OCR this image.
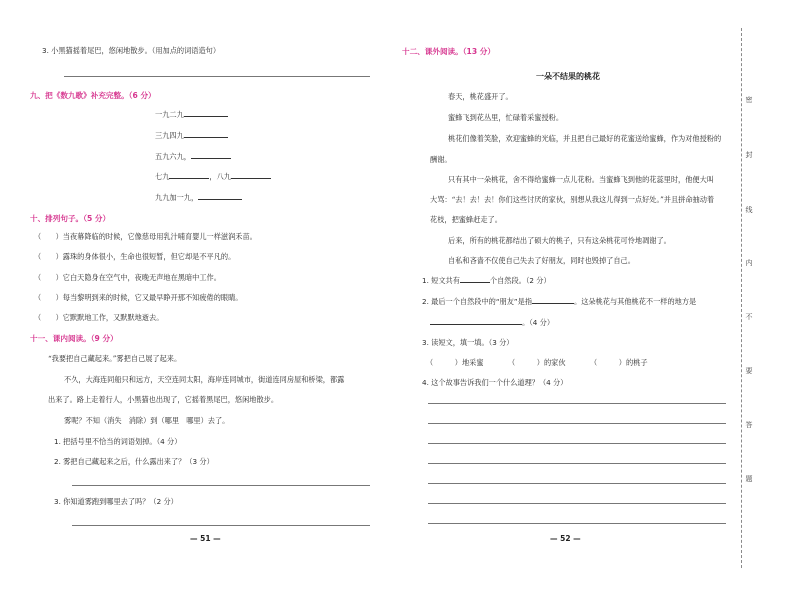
3. 小黑猫摇着尾巴，悠闲地散步。（用加点的词语造句）
九、把《数九歌》补充完整。（6 分）
一九二九
三九四九
五九六九，
七九	，八九
九九加一九，
十、排列句子。（5 分）
（　　）当夜幕降临的时候，它像慈母用乳汁哺育婴儿一样滋润禾苗。
（　　）露珠的身体很小，生命也很短暂，但它却是不平凡的。
（　　）它白天隐身在空气中，夜晚无声地在黑暗中工作。
（　　）每当黎明到来的时候，它又最早睁开那不知疲倦的眼睛。
（　　）它默默地工作，又默默地逝去。
十一、课内阅读。（9 分）
“我要把自己藏起来。”雾把自己展了起来。
不久，大海连同船只和远方，天空连同太阳，海岸连同城市，街道连同房屋和桥梁，都露
出来了。路上走着行人，小黑猫也出现了，它摇着黑尾巴，悠闲地散步。
雾呢？不知（消失　消除）到（哪里　哪里）去了。
1. 把括号里不恰当的词语划掉。（4 分）
2. 雾把自己藏起来之后，什么露出来了？（3 分）
3. 你知道雾跑到哪里去了吗？（2 分）
— 51 —
十二、课外阅读。（13 分）
一朵不结果的桃花
春天，桃花盛开了。
蜜蜂飞到花丛里，忙碌着采蜜授粉。
桃花们像着笑脸，欢迎蜜蜂的光临，并且把自己最好的花蜜送给蜜蜂，作为对他授粉的
酬谢。
只有其中一朵桃花，舍不得给蜜蜂一点儿花粉。当蜜蜂飞到他的花蕊里时，他便大叫
大骂：“去！去！去！你们这些讨厌的家伙，别想从我这儿得到一点好处。”并且拼命抽动着
花枝，把蜜蜂赶走了。
后来，所有的桃花都结出了硕大的桃子，只有这朵桃花可怜地凋谢了。
自私和吝啬不仅使自己失去了好朋友，同时也毁掉了自己。
1. 短文共有	个自然段。（2 分）
2. 最后一个自然段中的“朋友”是指	。这朵桃花与其他桃花不一样的地方是
。（4 分）
3. 读短文，填一填。（3 分）
（　　　）地采蜜	（　　　）的家伙	（　　　）的桃子
4. 这个故事告诉我们一个什么道理？（4 分）
— 52 —
密
封
线
内
不
要
答
题
